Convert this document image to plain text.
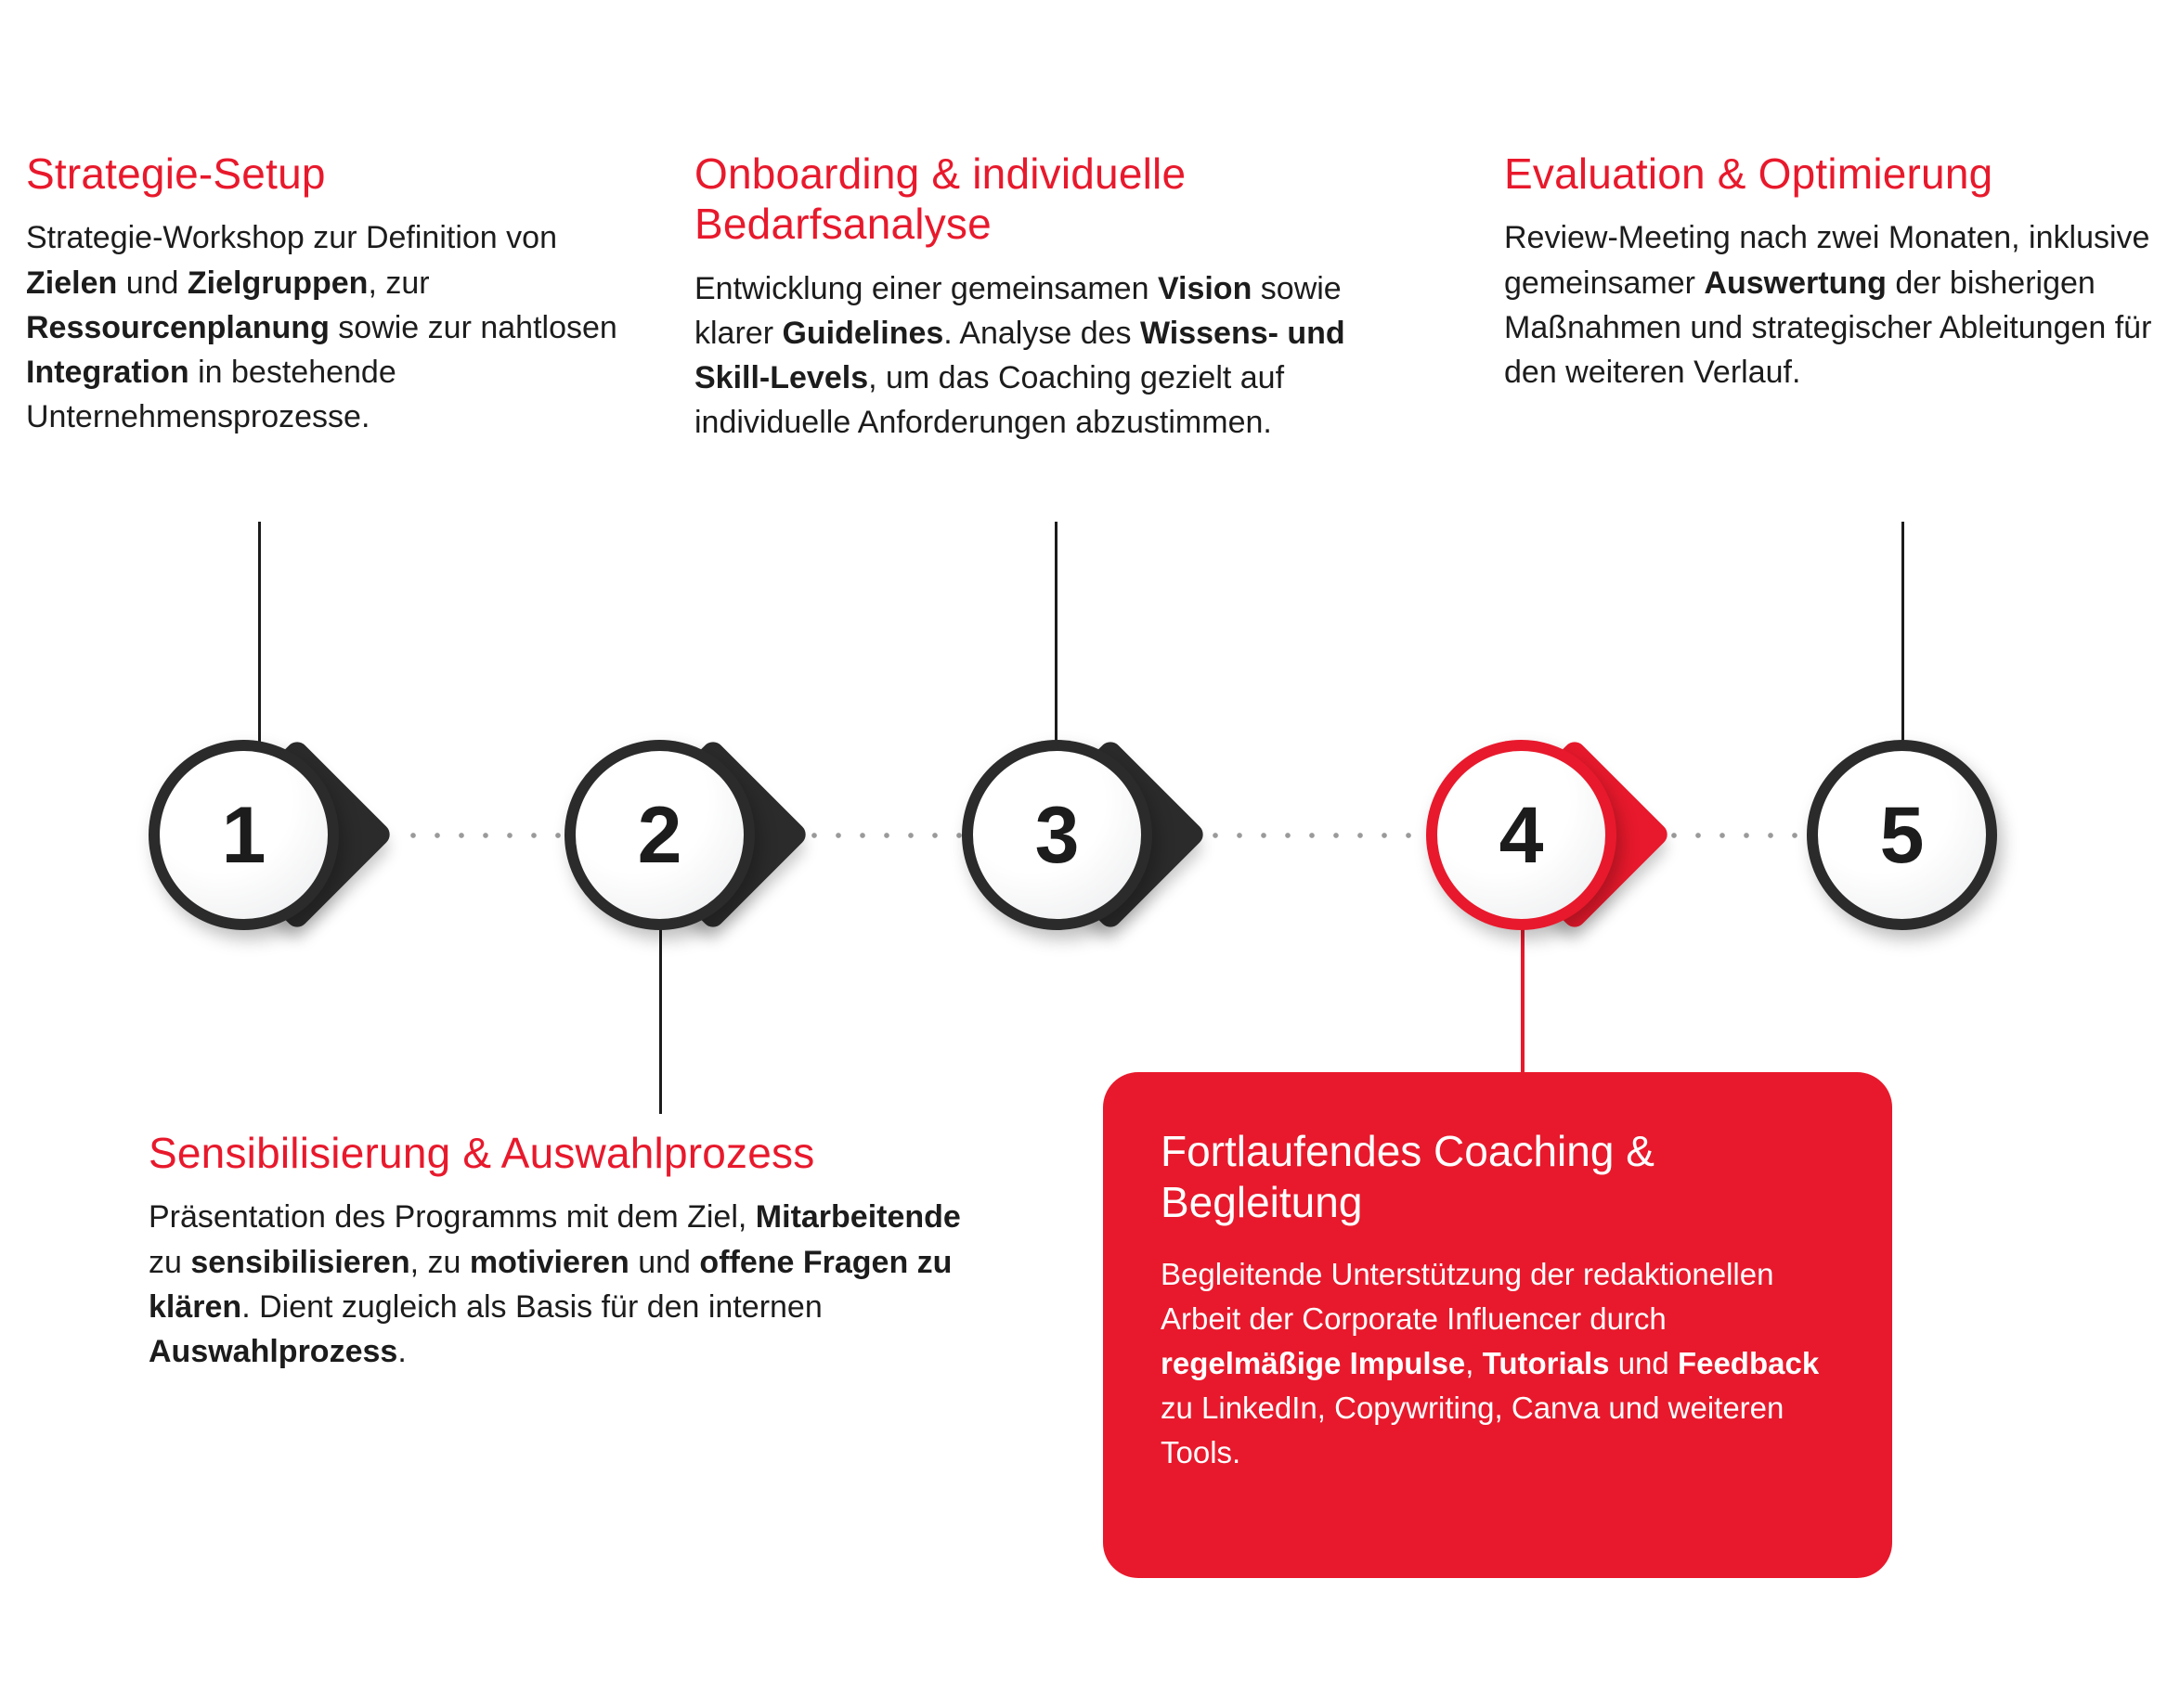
Strategie-Setup

Strategie-Workshop zur Definition von Zielen und Zielgruppen, zur Ressourcenplanung sowie zur nahtlosen Integration in bestehende Unternehmensprozesse.

Onboarding & individuelle Bedarfsanalyse

Entwicklung einer gemeinsamen Vision sowie klarer Guidelines. Analyse des Wissens- und Skill-Levels, um das Coaching gezielt auf individuelle Anforderungen abzustimmen.

Evaluation & Optimierung

Review-Meeting nach zwei Monaten, inklusive gemeinsamer Auswertung der bisherigen Maßnahmen und strategischer Ableitungen für den weiteren Verlauf.

Sensibilisierung & Auswahlprozess

Präsentation des Programms mit dem Ziel, Mitarbeitende zu sensibilisieren, zu motivieren und offene Fragen zu klären. Dient zugleich als Basis für den internen Auswahlprozess.

Fortlaufendes Coaching & Begleitung

Begleitende Unterstützung der redaktionellen Arbeit der Corporate Influencer durch regelmäßige Impulse, Tutorials und Feedback zu LinkedIn, Copywriting, Canva und weiteren Tools.

1	2	3	4	5
